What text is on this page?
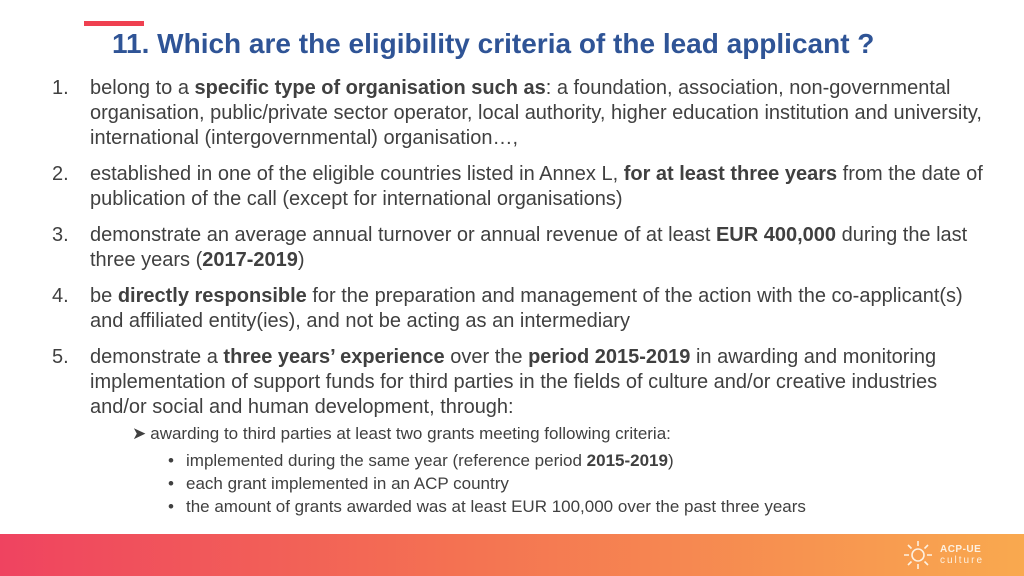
11. Which are the eligibility criteria of the lead applicant ?
1.	belong to a specific type of organisation such as: a foundation, association, non-governmental organisation, public/private sector operator, local authority, higher education institution and university, international (intergovernmental) organisation…,
2.	established in one of the eligible countries listed in Annex L, for at least three years from the date of publication of the call (except for international organisations)
3.	demonstrate an average annual turnover or annual revenue of at least EUR 400,000 during the last three years (2017-2019)
4.	be directly responsible for the preparation and management of the action with the co-applicant(s) and affiliated entity(ies), and not be acting as an intermediary
5.	demonstrate a three years’ experience over the period 2015-2019 in awarding and monitoring implementation of support funds for third parties in the fields of culture and/or creative industries and/or social and human development, through:
➤ awarding to third parties at least two grants meeting following criteria:
• implemented during the same year (reference period 2015-2019)
• each grant implemented in an ACP country
• the amount of grants awarded was at least EUR 100,000 over the past three years
ACP-UE
culture
